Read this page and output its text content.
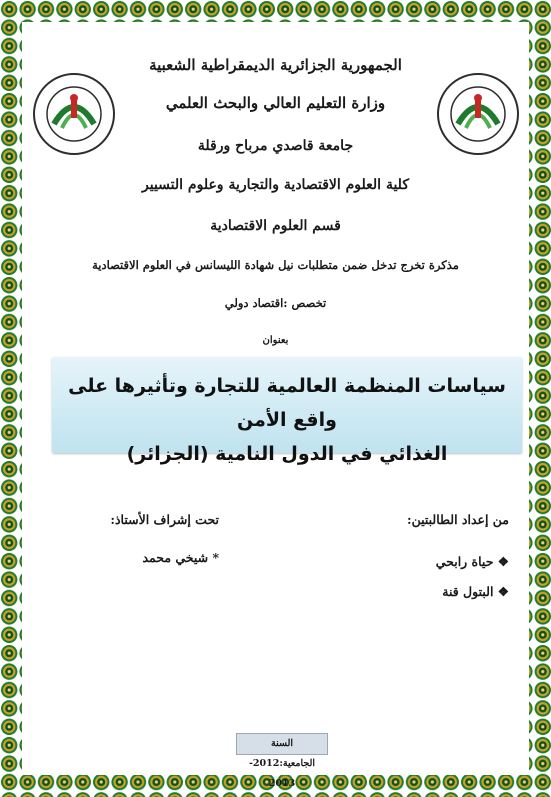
الجمهورية الجزائرية الديمقراطية الشعبية
وزارة التعليم العالي والبحث العلمي
جامعة قاصدي مرباح ورقلة
كلية العلوم الاقتصادية والتجارية وعلوم التسيير
قسم العلوم الاقتصادية
مذكرة تخرج تدخل ضمن متطلبات نيل شهادة الليسانس في العلوم الاقتصادية
تخصص :اقتصاد دولي
بعنوان
سياسات المنظمة العالمية للتجارة وتأثيرها على واقع الأمن
الغذائي في الدول النامية (الجزائر)
من إعداد الطالبتين:
❖ حياة رابحي
❖ البتول قنة
تحت إشراف الأستاذ:
* شيخي محمد
السنة الجامعية:2012-2013
